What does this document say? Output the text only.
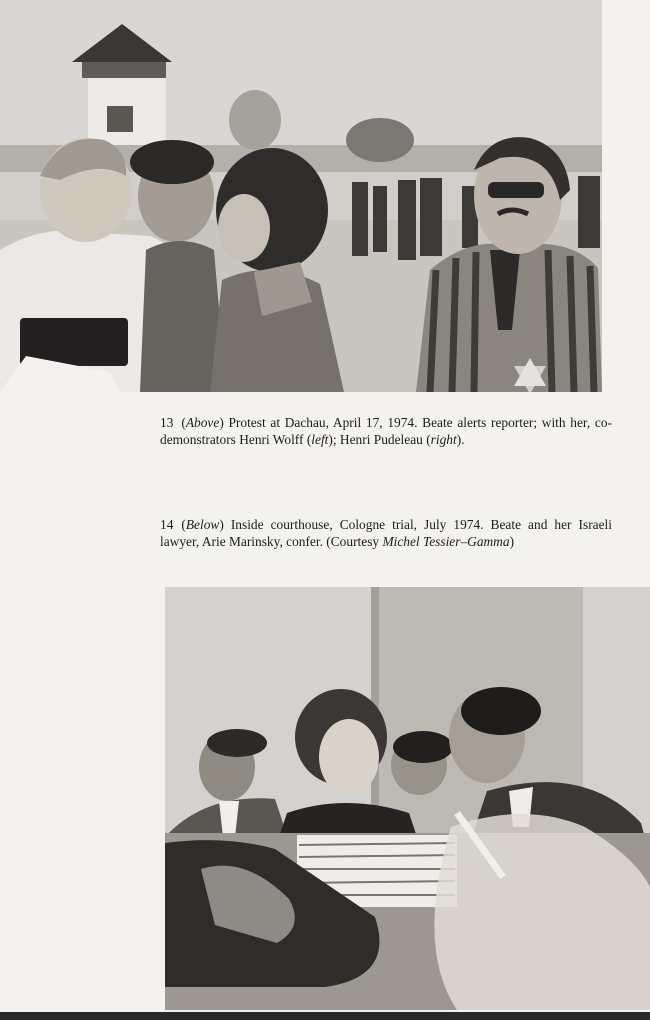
13 (Above) Protest at Dachau, April 17, 1974. Beate alerts reporter; with her, co-demonstrators Henri Wolff (left); Henri Pudeleau (right).

14 (Below) Inside courthouse, Cologne trial, July 1974. Beate and her Israeli lawyer, Arie Marinsky, confer. (Courtesy Michel Tessier–Gamma)
